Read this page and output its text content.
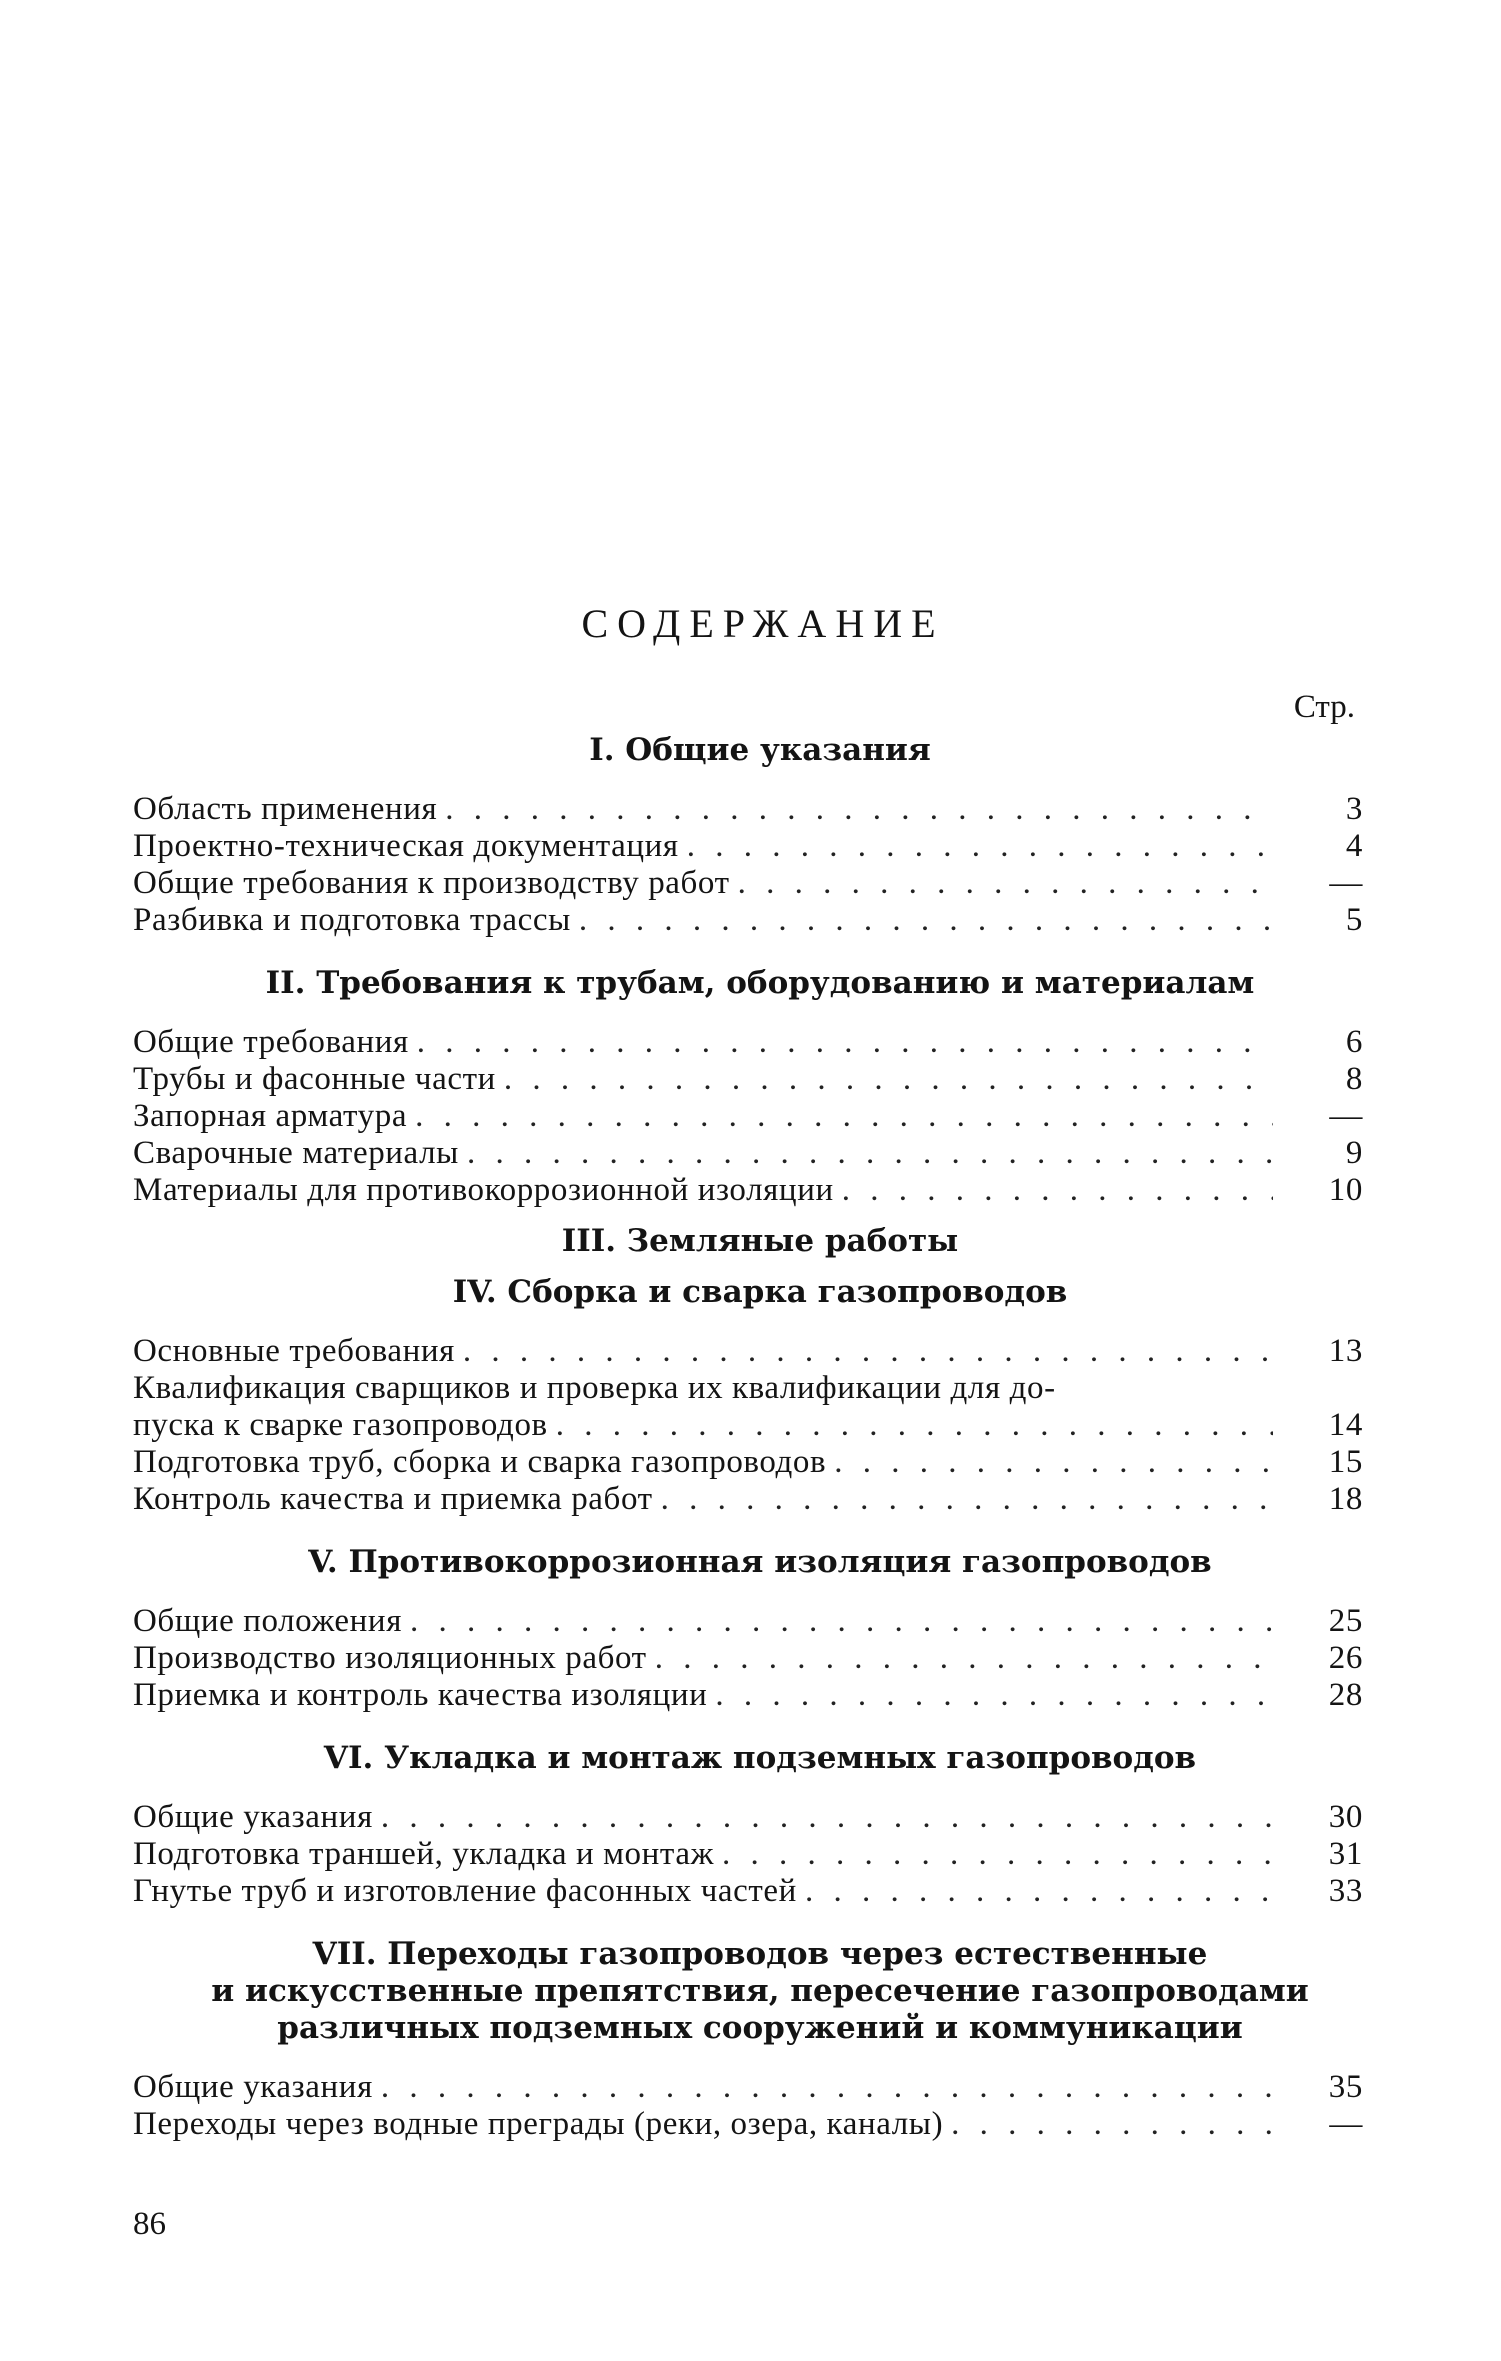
СОДЕРЖАНИЕ
Стр.
I. Общие указания
Область применения . . .	3
Проектно-техническая документация . . .	4
Общие требования к производству работ . . .	—
Разбивка и подготовка трассы . . .	5
II. Требования к трубам, оборудованию и материалам
Общие требования . . .	6
Трубы и фасонные части . . .	8
Запорная арматура . . .	—
Сварочные материалы . . .	9
Материалы для противокоррозионной изоляции . . .	10
III. Земляные работы
IV. Сборка и сварка газопроводов
Основные требования . . .	13
Квалификация сварщиков и проверка их квалификации для до-
пуска к сварке газопроводов . . .	14
Подготовка труб, сборка и сварка газопроводов . . .	15
Контроль качества и приемка работ . . .	18
V. Противокоррозионная изоляция газопроводов
Общие положения . . .	25
Производство изоляционных работ . . .	26
Приемка и контроль качества изоляции . . .	28
VI. Укладка и монтаж подземных газопроводов
Общие указания . . .	30
Подготовка траншей, укладка и монтаж . . .	31
Гнутье труб и изготовление фасонных частей . . .	33
VII. Переходы газопроводов через естественные
и искусственные препятствия, пересечение газопроводами
различных подземных сооружений и коммуникации
Общие указания . . .	35
Переходы через водные преграды (реки, озера, каналы) . . .	—
86
